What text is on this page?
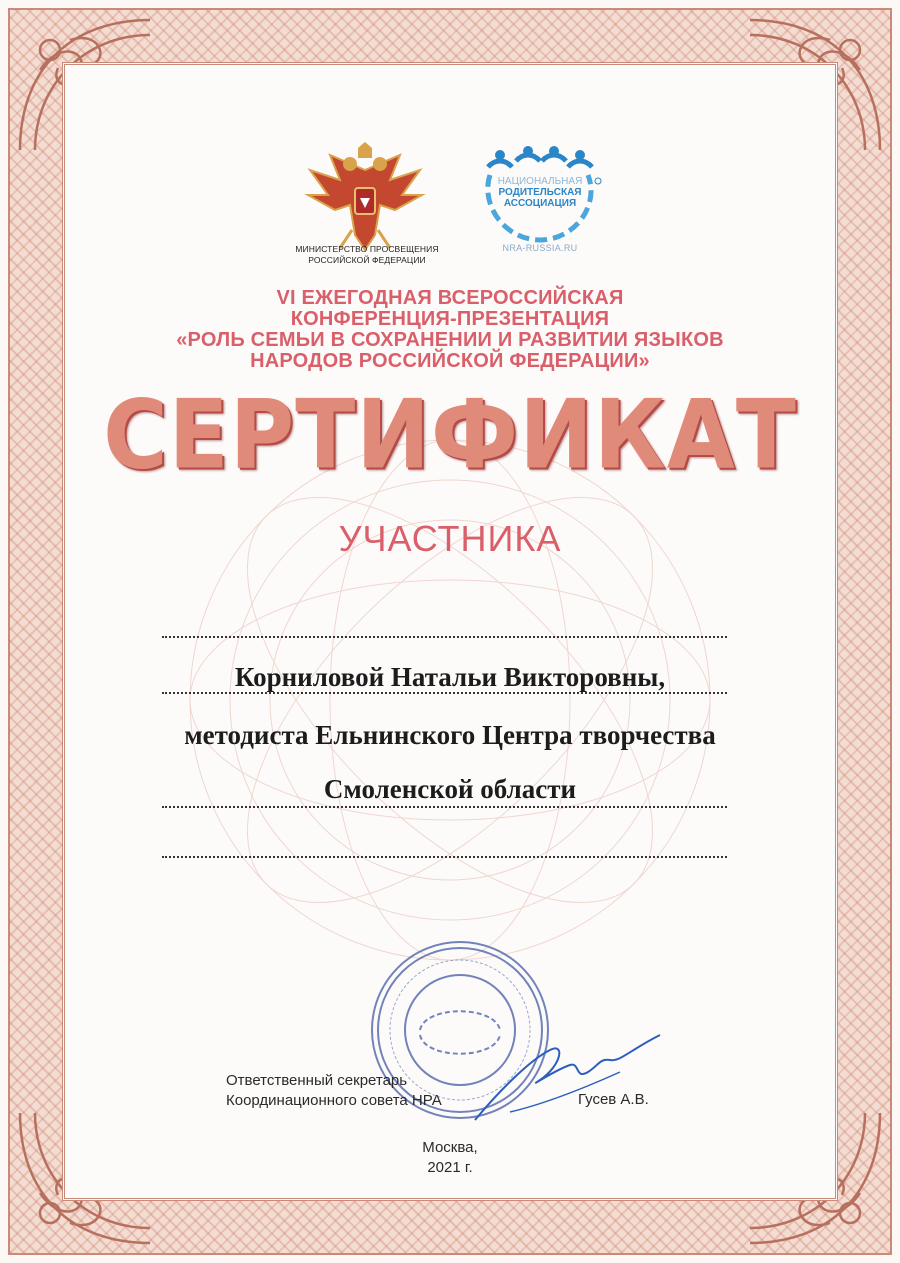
МИНИСТЕРСТВО ПРОСВЕЩЕНИЯ
РОССИЙСКОЙ ФЕДЕРАЦИИ
НАЦИОНАЛЬНАЯ
РОДИТЕЛЬСКАЯ
АССОЦИАЦИЯ
NRA-RUSSIA.RU
VI ЕЖЕГОДНАЯ ВСЕРОССИЙСКАЯ
КОНФЕРЕНЦИЯ-ПРЕЗЕНТАЦИЯ
«РОЛЬ СЕМЬИ В СОХРАНЕНИИ И РАЗВИТИИ ЯЗЫКОВ
НАРОДОВ РОССИЙСКОЙ ФЕДЕРАЦИИ»
СЕРТИФИКАТ
УЧАСТНИКА
Корниловой Натальи Викторовны,
методиста Ельнинского Центра творчества
Смоленской области
Ответственный секретарь
Координационного совета НРА	Гусев А.В.
Москва,
2021 г.
